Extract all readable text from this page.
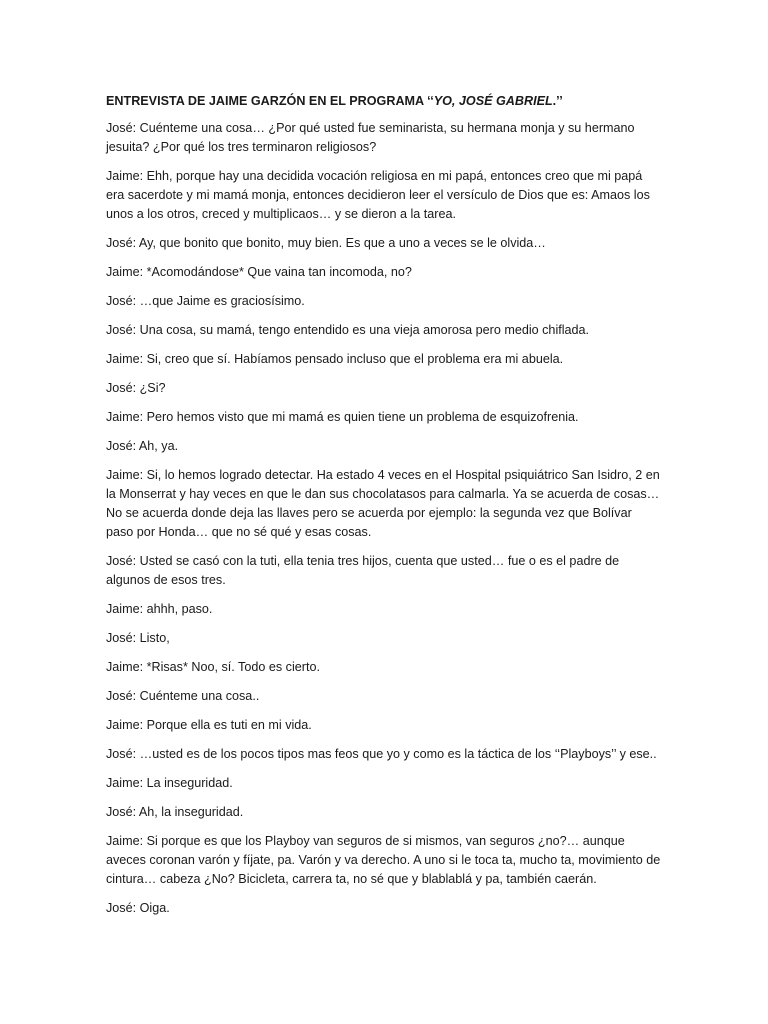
ENTREVISTA DE JAIME GARZÓN EN EL PROGRAMA ‘‘YO, JOSÉ GABRIEL.’’

José: Cuénteme una cosa… ¿Por qué usted fue seminarista, su hermana monja y su hermano jesuita? ¿Por qué los tres terminaron religiosos?

Jaime: Ehh, porque hay una decidida vocación religiosa en mi papá, entonces creo que mi papá era sacerdote y mi mamá monja, entonces decidieron leer el versículo de Dios que es: Amaos los unos a los otros, creced y multiplicaos… y se dieron a la tarea.

José: Ay, que bonito que bonito, muy bien. Es que a uno a veces se le olvida…

Jaime: *Acomodándose* Que vaina tan incomoda, no?

José: …que Jaime es graciosísimo.

José: Una cosa, su mamá, tengo entendido es una vieja amorosa pero medio chiflada.

Jaime: Si, creo que sí. Habíamos pensado incluso que el problema era mi abuela.

José: ¿Si?

Jaime: Pero hemos visto que mi mamá es quien tiene un problema de esquizofrenia.

José: Ah, ya.

Jaime: Si, lo hemos logrado detectar. Ha estado 4 veces en el Hospital psiquiátrico San Isidro, 2 en la Monserrat y hay veces en que le dan sus chocolatasos para calmarla. Ya se acuerda de cosas… No se acuerda donde deja las llaves pero se acuerda por ejemplo: la segunda vez que Bolívar paso por Honda… que no sé qué y esas cosas.

José: Usted se casó con la tuti, ella tenia tres hijos, cuenta que usted… fue o es el padre de algunos de esos tres.

Jaime: ahhh, paso.

José: Listo,

Jaime: *Risas* Noo, sí. Todo es cierto.

José: Cuénteme una cosa..

Jaime: Porque ella es tuti en mi vida.

José: …usted es de los pocos tipos mas feos que yo y como es la táctica de los ‘‘Playboys’’ y ese..

Jaime: La inseguridad.

José: Ah, la inseguridad.

Jaime: Si porque es que los Playboy van seguros de si mismos, van seguros ¿no?… aunque aveces coronan varón y fíjate, pa. Varón y va derecho. A uno si le toca ta, mucho ta, movimiento de cintura… cabeza ¿No? Bicicleta, carrera ta, no sé que y blablablá y pa, también caerán.

José: Oiga.
